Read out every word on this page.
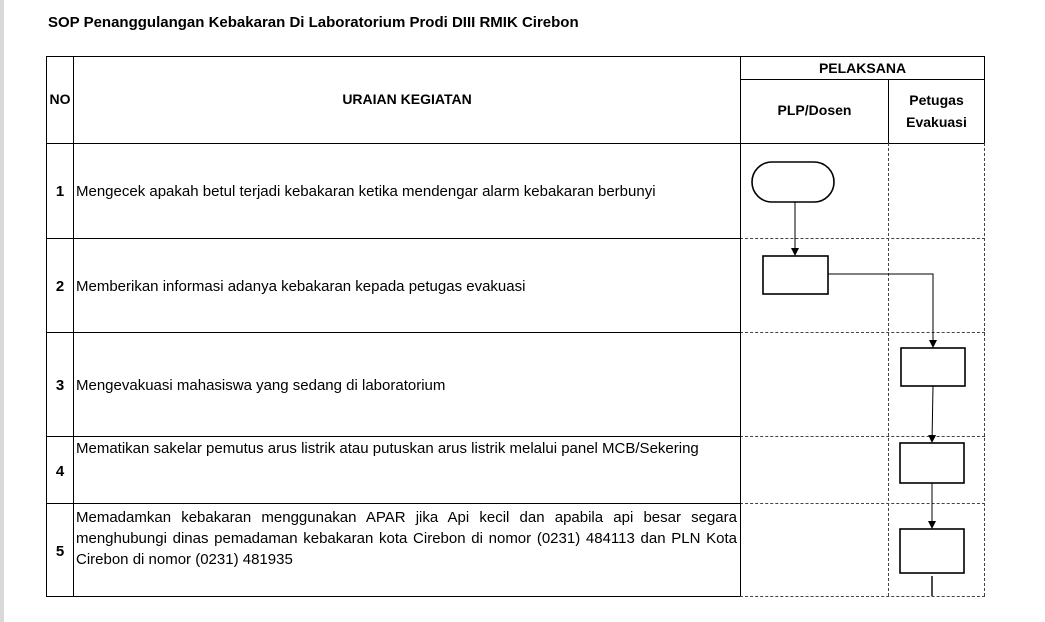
SOP Penanggulangan Kebakaran Di Laboratorium Prodi DIII RMIK Cirebon
NO	URAIAN KEGIATAN
PELAKSANA
PLP/Dosen
Petugas
Evakuasi
1 Mengecek apakah betul terjadi kebakaran ketika mendengar alarm kebakaran berbunyi
2 Memberikan informasi adanya kebakaran kepada petugas evakuasi
3 Mengevakuasi mahasiswa yang sedang di laboratorium
4
Mematikan sakelar pemutus arus listrik atau putuskan arus listrik melalui panel MCB/Sekering
5
Memadamkan kebakaran menggunakan APAR jika Api kecil dan apabila api besar segara menghubungi dinas pemadaman kebakaran kota Cirebon di nomor (0231) 484113 dan PLN Kota Cirebon di nomor (0231) 481935
